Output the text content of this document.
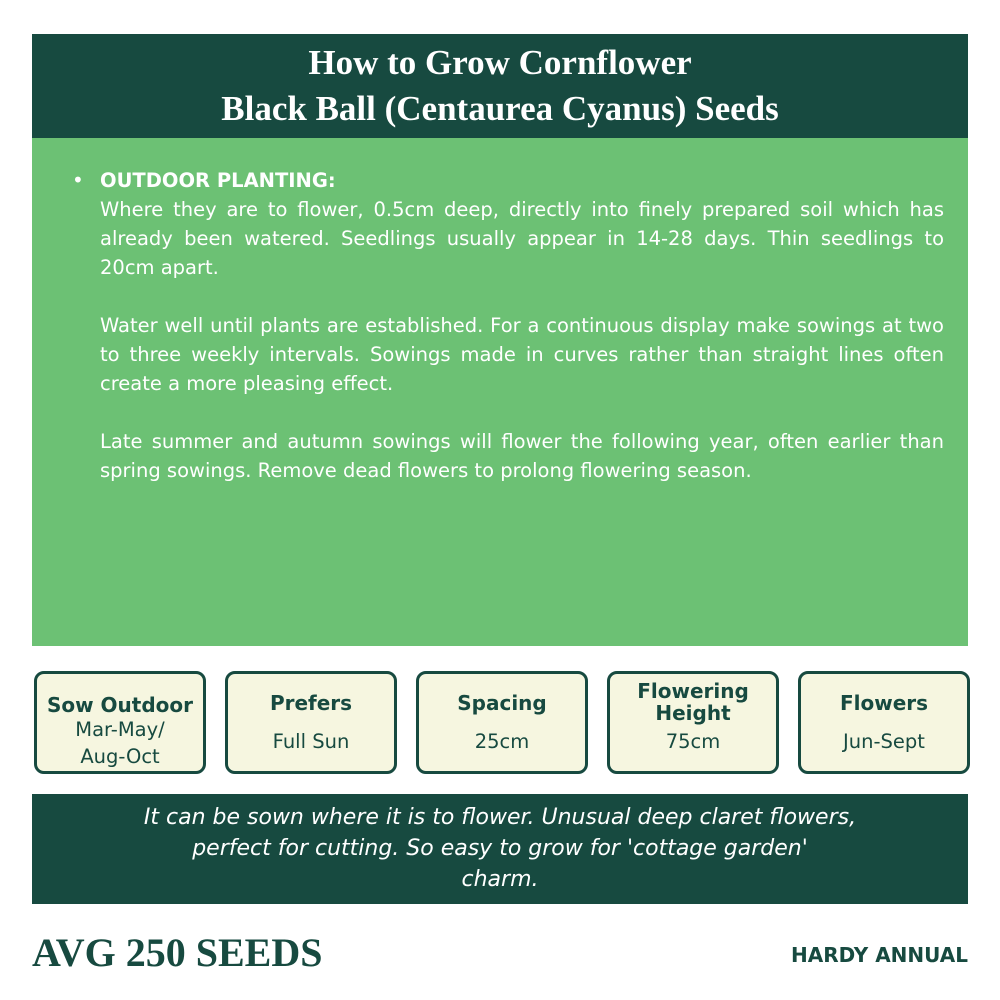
How to Grow Cornflower
Black Ball (Centaurea Cyanus) Seeds
• OUTDOOR PLANTING:

Where they are to flower, 0.5cm deep, directly into finely prepared soil which has already been watered. Seedlings usually appear in 14-28 days. Thin seedlings to 20cm apart.

Water well until plants are established. For a continuous display make sowings at two to three weekly intervals. Sowings made in curves rather than straight lines often create a more pleasing effect.

Late summer and autumn sowings will flower the following year, often earlier than spring sowings. Remove dead flowers to prolong flowering season.

Sow Outdoor
Mar-May/
Aug-Oct
Prefers
Full Sun
Spacing
25cm
Flowering
Height
75cm
Flowers
Jun-Sept
It can be sown where it is to flower. Unusual deep claret flowers,
perfect for cutting. So easy to grow for 'cottage garden'
charm.
AVG 250 SEEDS	HARDY ANNUAL
